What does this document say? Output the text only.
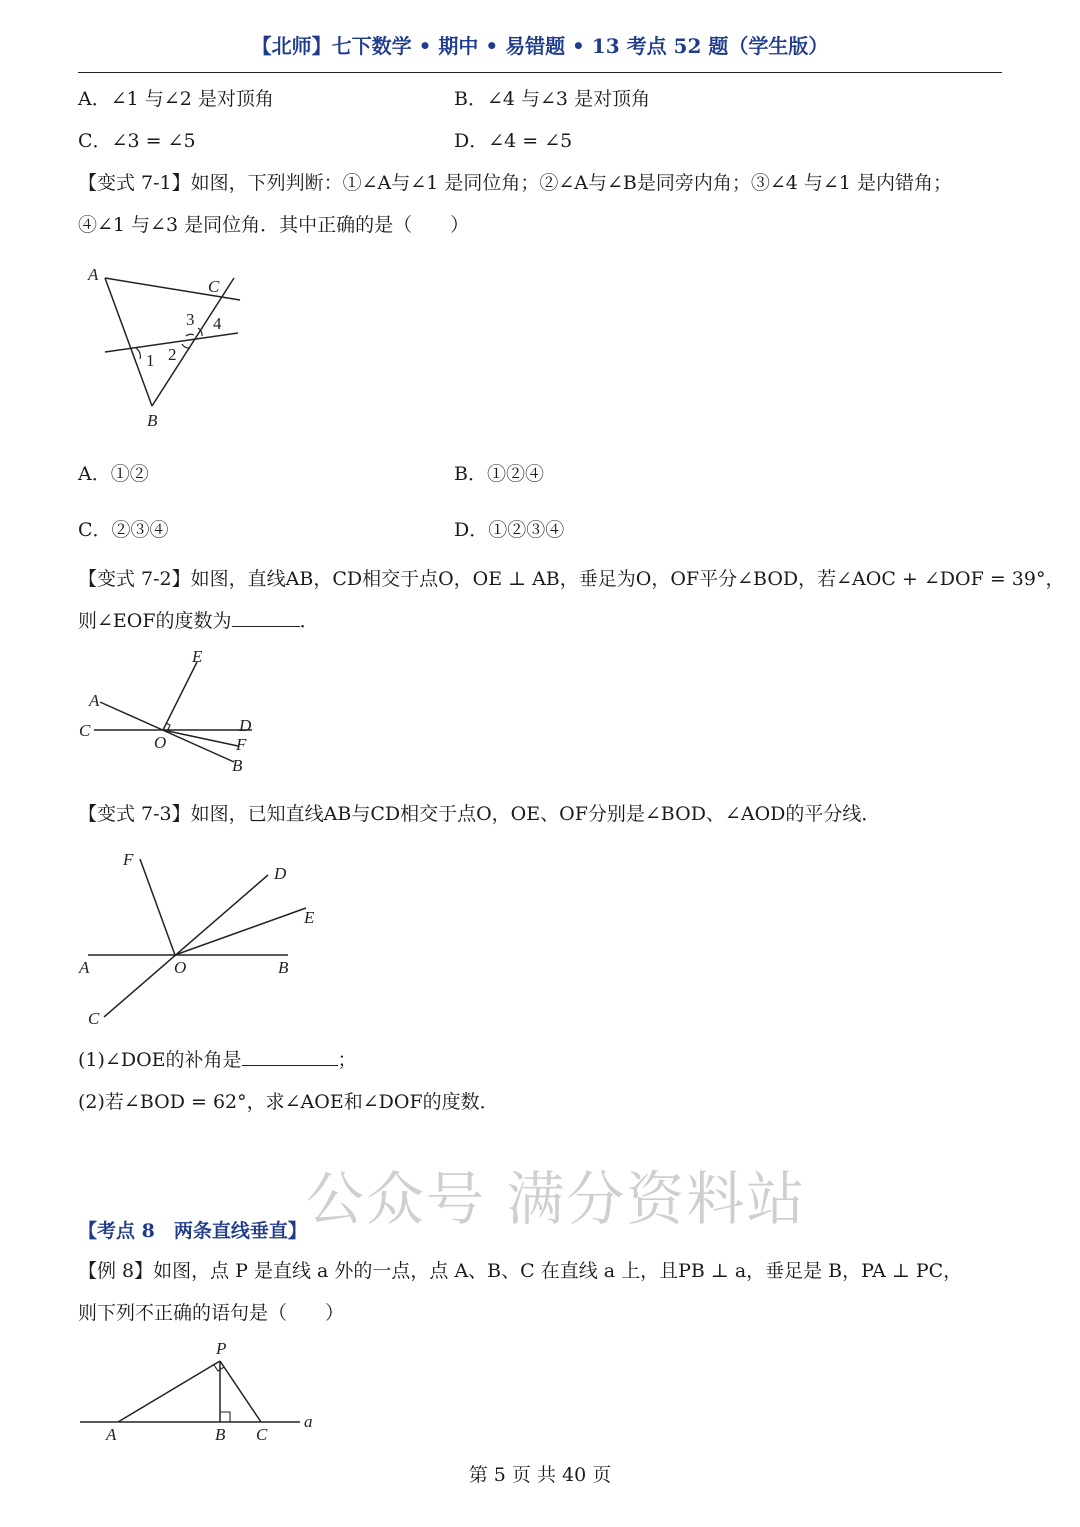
【北师】七下数学 • 期中 • 易错题 • 13 考点 52 题（学生版）
A．∠1 与∠2 是对顶角	B．∠4 与∠3 是对顶角
C．∠3 = ∠5	D．∠4 = ∠5
【变式 7-1】如图，下列判断：①∠A与∠1 是同位角；②∠A与∠B是同旁内角；③∠4 与∠1 是内错角；
④∠1 与∠3 是同位角．其中正确的是（　　）
A
C
B
1 2
3 4
A．①②	B．①②④
C．②③④	D．①②③④
【变式 7-2】如图，直线AB，CD相交于点O，OE ⊥ AB，垂足为O，OF平分∠BOD，若∠AOC + ∠DOF = 39°，
则∠EOF的度数为	．
E
A
C
O
D
F
B
【变式 7-3】如图，已知直线AB与CD相交于点O，OE、OF分别是∠BOD、∠AOD的平分线．
F
D
E
A	O	B
C
(1)∠DOE的补角是	；
(2)若∠BOD = 62°，求∠AOE和∠DOF的度数．
公众号 满分资料站
【考点 8　两条直线垂直】
【例 8】如图，点 P 是直线 a 外的一点，点 A、B、C 在直线 a 上，且PB ⊥ a，垂足是 B，PA ⊥ PC，
则下列不正确的语句是（　　）
P
A	B C
a
第 5 页 共 40 页
